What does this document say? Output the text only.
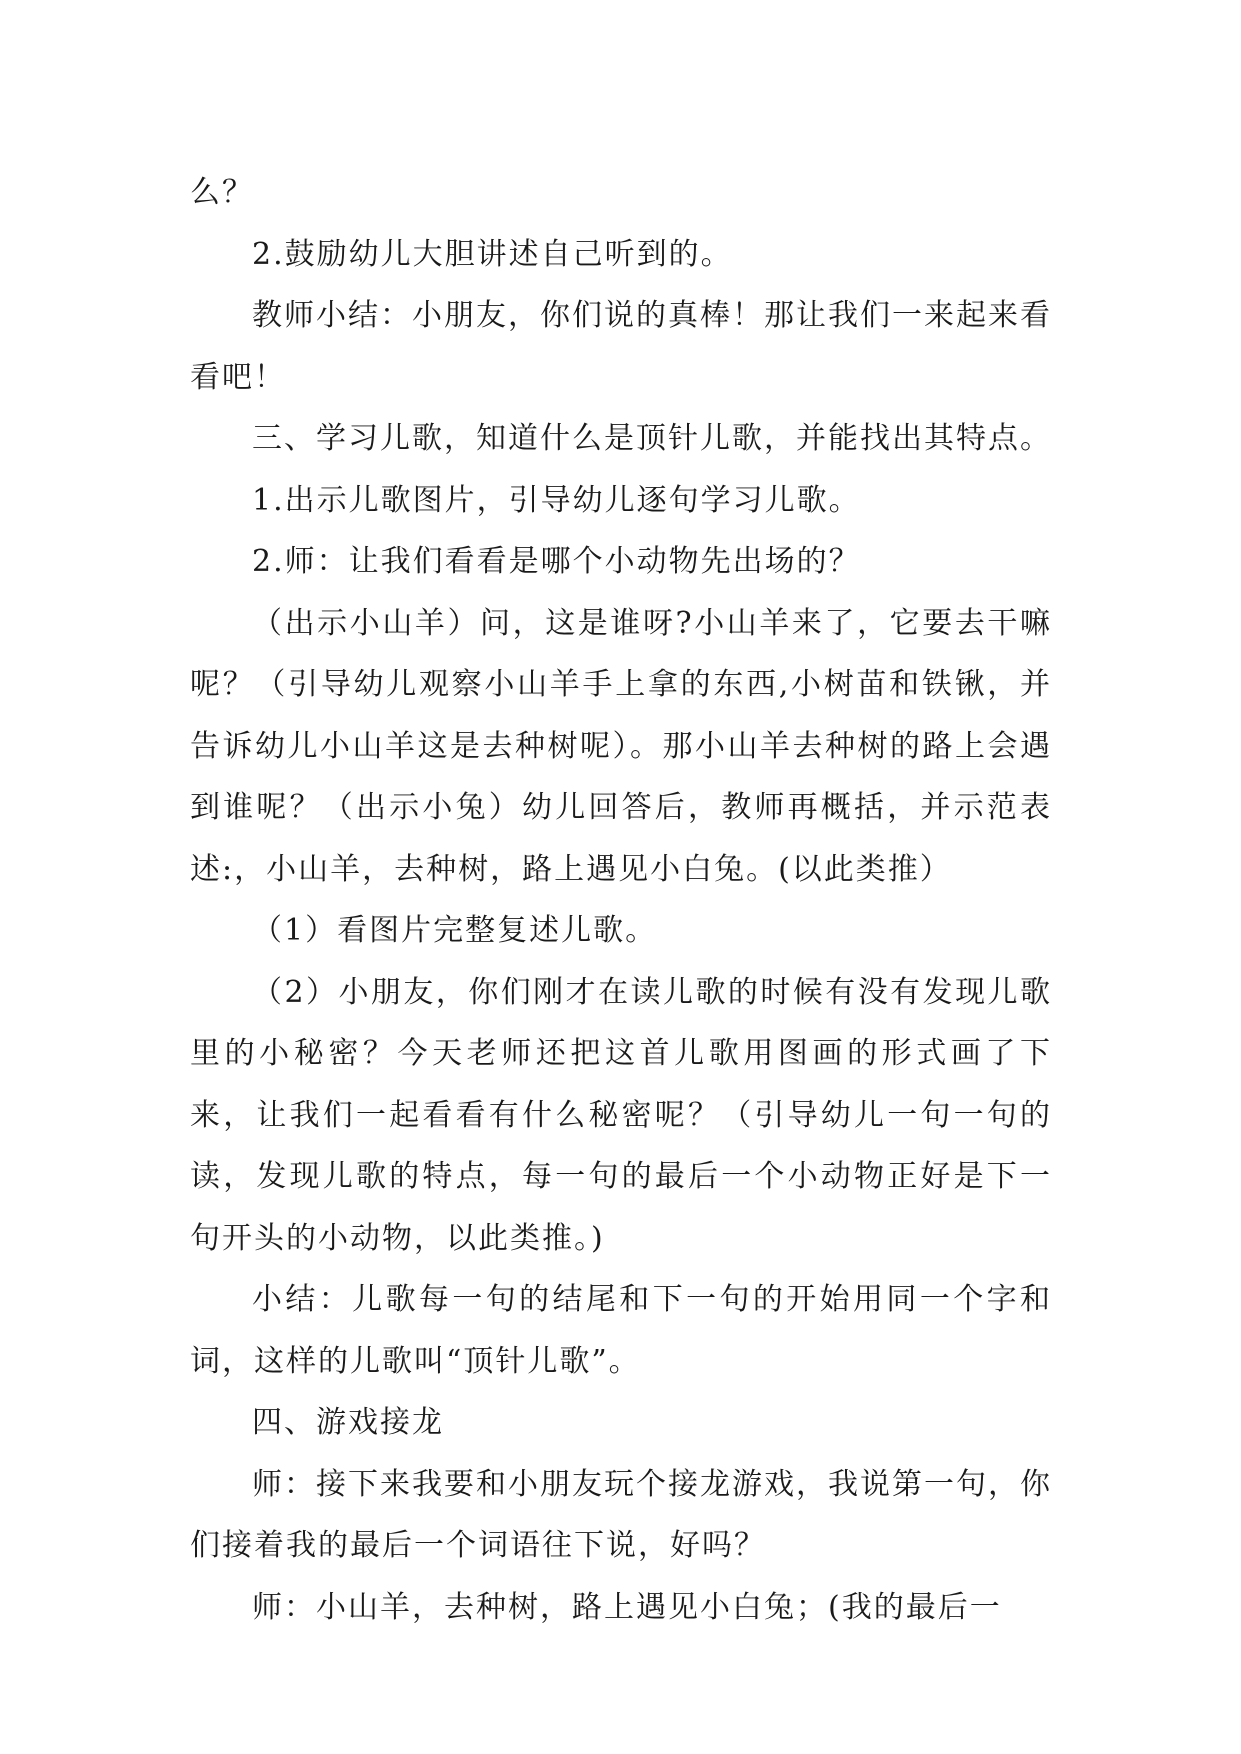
么？

2.鼓励幼儿大胆讲述自己听到的。

教师小结：小朋友，你们说的真棒！那让我们一来起来看看吧！

三、学习儿歌，知道什么是顶针儿歌，并能找出其特点。

1.出示儿歌图片，引导幼儿逐句学习儿歌。

2.师：让我们看看是哪个小动物先出场的？

（出示小山羊）问，这是谁呀?小山羊来了，它要去干嘛呢？（引导幼儿观察小山羊手上拿的东西,小树苗和铁锹，并告诉幼儿小山羊这是去种树呢）。那小山羊去种树的路上会遇到谁呢？（出示小兔）幼儿回答后，教师再概括，并示范表述:，小山羊，去种树，路上遇见小白兔。(以此类推）

（1）看图片完整复述儿歌。

（2）小朋友，你们刚才在读儿歌的时候有没有发现儿歌里的小秘密？今天老师还把这首儿歌用图画的形式画了下来，让我们一起看看有什么秘密呢？（引导幼儿一句一句的读，发现儿歌的特点，每一句的最后一个小动物正好是下一句开头的小动物，以此类推。)

小结：儿歌每一句的结尾和下一句的开始用同一个字和词，这样的儿歌叫“顶针儿歌”。

四、游戏接龙

师：接下来我要和小朋友玩个接龙游戏，我说第一句，你们接着我的最后一个词语往下说，好吗？

师：小山羊，去种树，路上遇见小白兔；(我的最后一
